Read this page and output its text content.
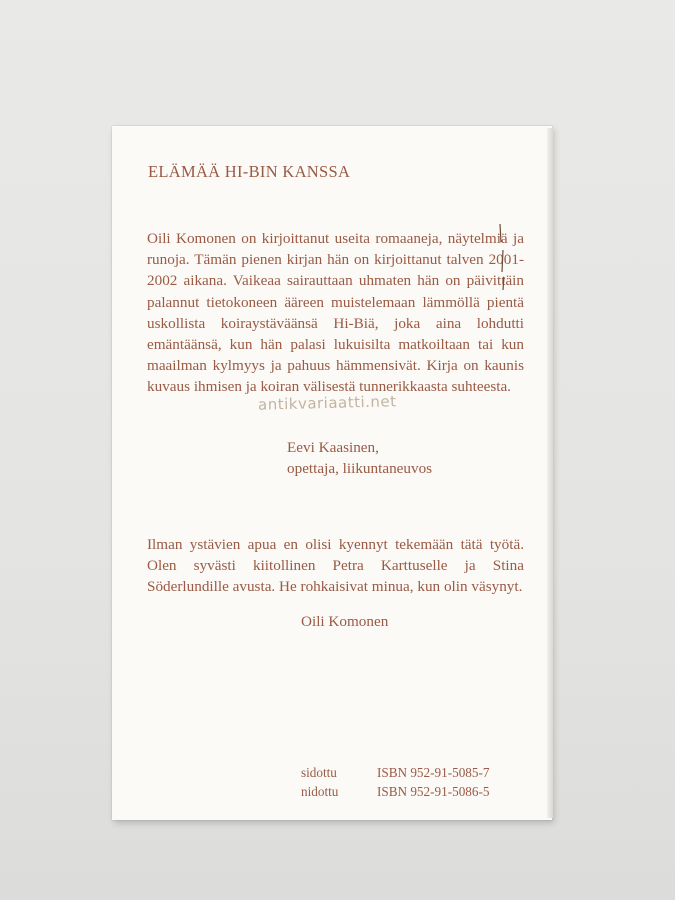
ELÄMÄÄ HI-BIN KANSSA

Oili Komonen on kirjoittanut useita romaaneja, näytelmiä ja runoja. Tämän pienen kirjan hän on kirjoittanut talven 2001-2002 aikana. Vaikeaa sairauttaan uhmaten hän on päivittäin palannut tietokoneen ääreen muistelemaan lämmöllä pientä uskollista koiraystäväänsä Hi-Biä, joka aina lohdutti emäntäänsä, kun hän palasi lukuisilta matkoiltaan tai kun maailman kylmyys ja pahuus hämmensivät. Kirja on kaunis kuvaus ihmisen ja koiran välisestä tunnerikkaasta suhteesta.

Eevi Kaasinen,
opettaja, liikuntaneuvos

Ilman ystävien apua en olisi kyennyt tekemään tätä työtä. Olen syvästi kiitollinen Petra Karttuselle ja Stina Söderlundille avusta. He rohkaisivat minua, kun olin väsynyt.

Oili Komonen
sidottu	ISBN 952-91-5085-7
nidottu	ISBN 952-91-5086-5
antikvariaatti.net
